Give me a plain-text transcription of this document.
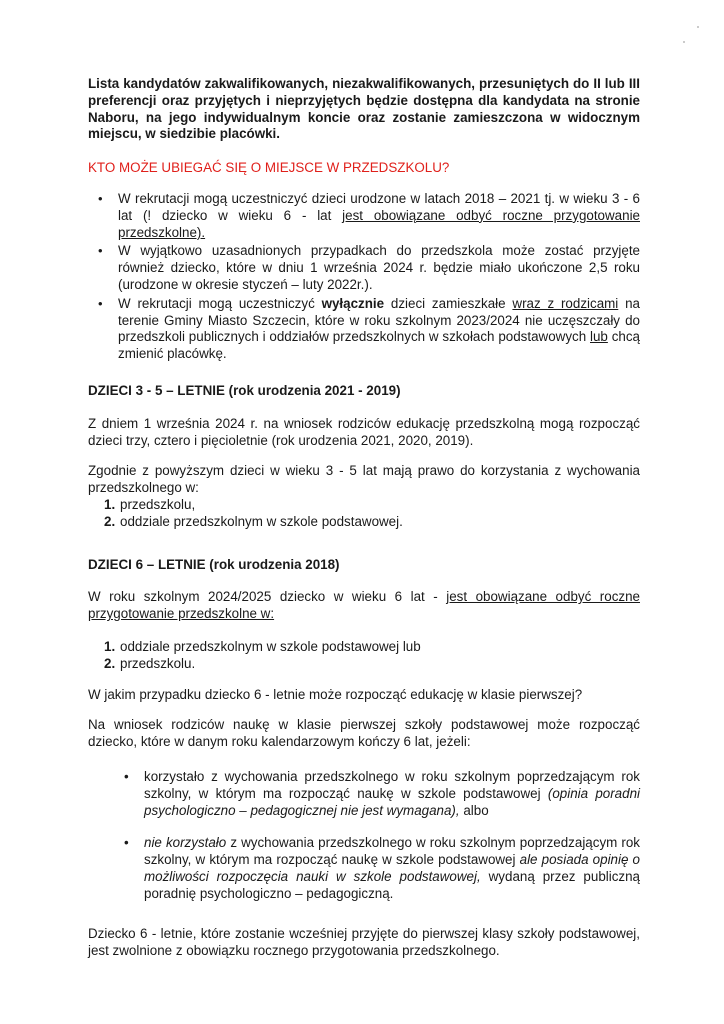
Lista kandydatów zakwalifikowanych, niezakwalifikowanych, przesuniętych do II lub III preferencji oraz przyjętych i nieprzyjętych będzie dostępna dla kandydata na stronie Naboru, na jego indywidualnym koncie oraz zostanie zamieszczona w widocznym miejscu, w siedzibie placówki.

KTO MOŻE UBIEGAĆ SIĘ O MIEJSCE W PRZEDSZKOLU?

• W rekrutacji mogą uczestniczyć dzieci urodzone w latach 2018 – 2021 tj. w wieku 3 - 6 lat (! dziecko w wieku 6 - lat jest obowiązane odbyć roczne przygotowanie przedszkolne).
• W wyjątkowo uzasadnionych przypadkach do przedszkola może zostać przyjęte również dziecko, które w dniu 1 września 2024 r. będzie miało ukończone 2,5 roku (urodzone w okresie styczeń – luty 2022r.).
• W rekrutacji mogą uczestniczyć wyłącznie dzieci zamieszkałe wraz z rodzicami na terenie Gminy Miasto Szczecin, które w roku szkolnym 2023/2024 nie uczęszczały do przedszkoli publicznych i oddziałów przedszkolnych w szkołach podstawowych lub chcą zmienić placówkę.

DZIECI 3 - 5 – LETNIE (rok urodzenia 2021 - 2019)

Z dniem 1 września 2024 r. na wniosek rodziców edukację przedszkolną mogą rozpocząć dzieci trzy, cztero i pięcioletnie (rok urodzenia 2021, 2020, 2019).

Zgodnie z powyższym dzieci w wieku 3 - 5 lat mają prawo do korzystania z wychowania przedszkolnego w:

1. przedszkolu,
2. oddziale przedszkolnym w szkole podstawowej.

DZIECI 6 – LETNIE (rok urodzenia 2018)

W roku szkolnym 2024/2025 dziecko w wieku 6 lat - jest obowiązane odbyć roczne przygotowanie przedszkolne w:

1. oddziale przedszkolnym w szkole podstawowej lub
2. przedszkolu.

W jakim przypadku dziecko 6 - letnie może rozpocząć edukację w klasie pierwszej?

Na wniosek rodziców naukę w klasie pierwszej szkoły podstawowej może rozpocząć dziecko, które w danym roku kalendarzowym kończy 6 lat, jeżeli:

• korzystało z wychowania przedszkolnego w roku szkolnym poprzedzającym rok szkolny, w którym ma rozpocząć naukę w szkole podstawowej (opinia poradni psychologiczno – pedagogicznej nie jest wymagana), albo
• nie korzystało z wychowania przedszkolnego w roku szkolnym poprzedzającym rok szkolny, w którym ma rozpocząć naukę w szkole podstawowej ale posiada opinię o możliwości rozpoczęcia nauki w szkole podstawowej, wydaną przez publiczną poradnię psychologiczno – pedagogiczną.

Dziecko 6 - letnie, które zostanie wcześniej przyjęte do pierwszej klasy szkoły podstawowej, jest zwolnione z obowiązku rocznego przygotowania przedszkolnego.
